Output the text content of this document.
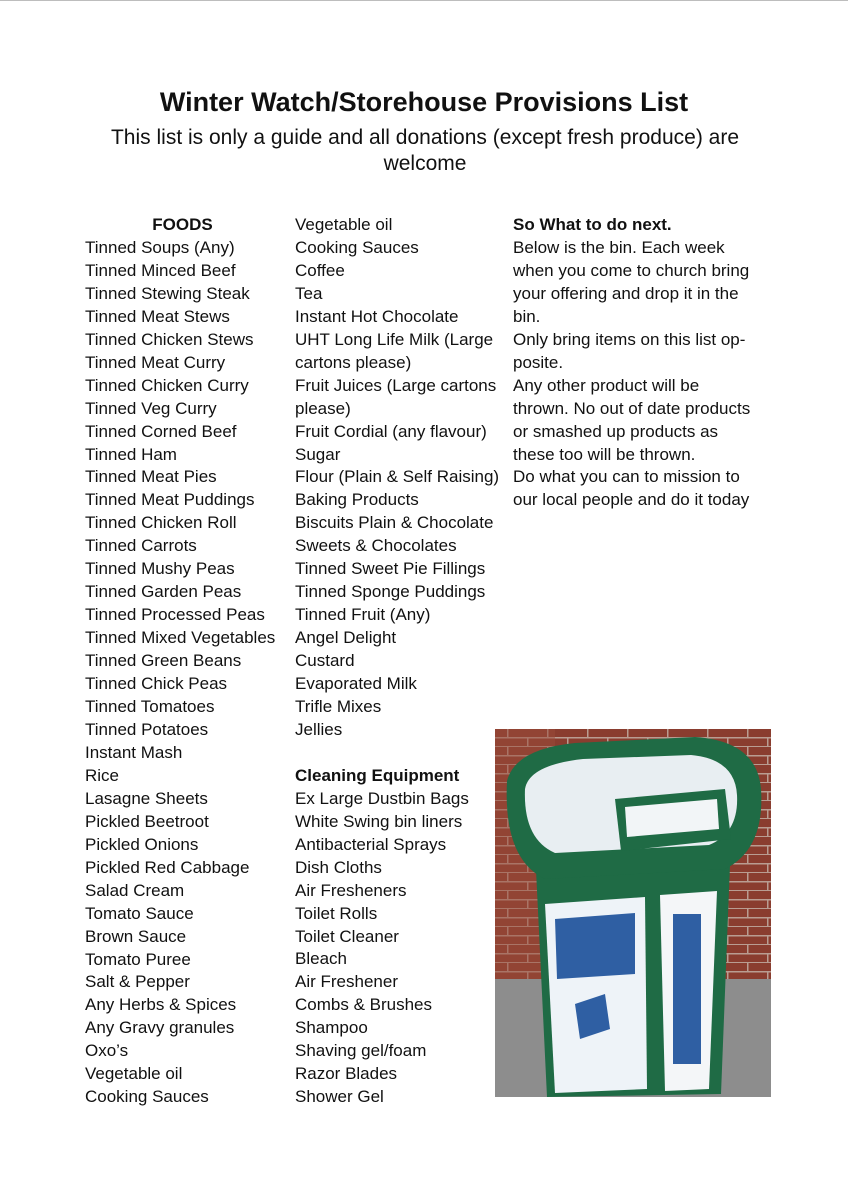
Winter Watch/Storehouse Provisions List
This list is only a guide and all donations (except fresh produce) are welcome
FOODS
Tinned Soups (Any)
Tinned Minced Beef
Tinned Stewing Steak
Tinned Meat Stews
Tinned Chicken Stews
Tinned Meat Curry
Tinned Chicken Curry
Tinned Veg Curry
Tinned Corned Beef
Tinned Ham
Tinned Meat Pies
Tinned Meat Puddings
Tinned Chicken Roll
Tinned Carrots
Tinned Mushy Peas
Tinned Garden Peas
Tinned Processed Peas
Tinned Mixed Vegetables
Tinned Green Beans
Tinned Chick Peas
Tinned Tomatoes
Tinned Potatoes
Instant Mash
Rice
Lasagne Sheets
Pickled Beetroot
Pickled Onions
Pickled Red Cabbage
Salad Cream
Tomato Sauce
Brown Sauce
Tomato Puree
Salt & Pepper
Any Herbs & Spices
Any Gravy granules
Oxo’s
Vegetable oil
Cooking Sauces
Vegetable oil
Cooking Sauces
Coffee
Tea
Instant Hot Chocolate
UHT Long Life Milk (Large
cartons please)
Fruit Juices (Large cartons
please)
Fruit Cordial (any flavour)
Sugar
Flour (Plain & Self Raising)
Baking Products
Biscuits Plain & Chocolate
Sweets & Chocolates
Tinned Sweet Pie Fillings
Tinned Sponge Puddings
Tinned Fruit (Any)
Angel Delight
Custard
Evaporated Milk
Trifle Mixes
Jellies
Cleaning Equipment
Ex Large Dustbin Bags
White Swing bin liners
Antibacterial Sprays
Dish Cloths
Air Fresheners
Toilet Rolls
Toilet Cleaner
Bleach
Air Freshener
Combs & Brushes
Shampoo
Shaving gel/foam
Razor Blades
Shower Gel
So What to do next.
Below is the bin. Each week
when you come to church bring
your offering and drop it in the
bin.
Only bring items on this list op-
posite.
Any other product will be
thrown. No out of date products
or smashed up products as
these too will be thrown.
Do what you can to mission to
our local people and do it today
